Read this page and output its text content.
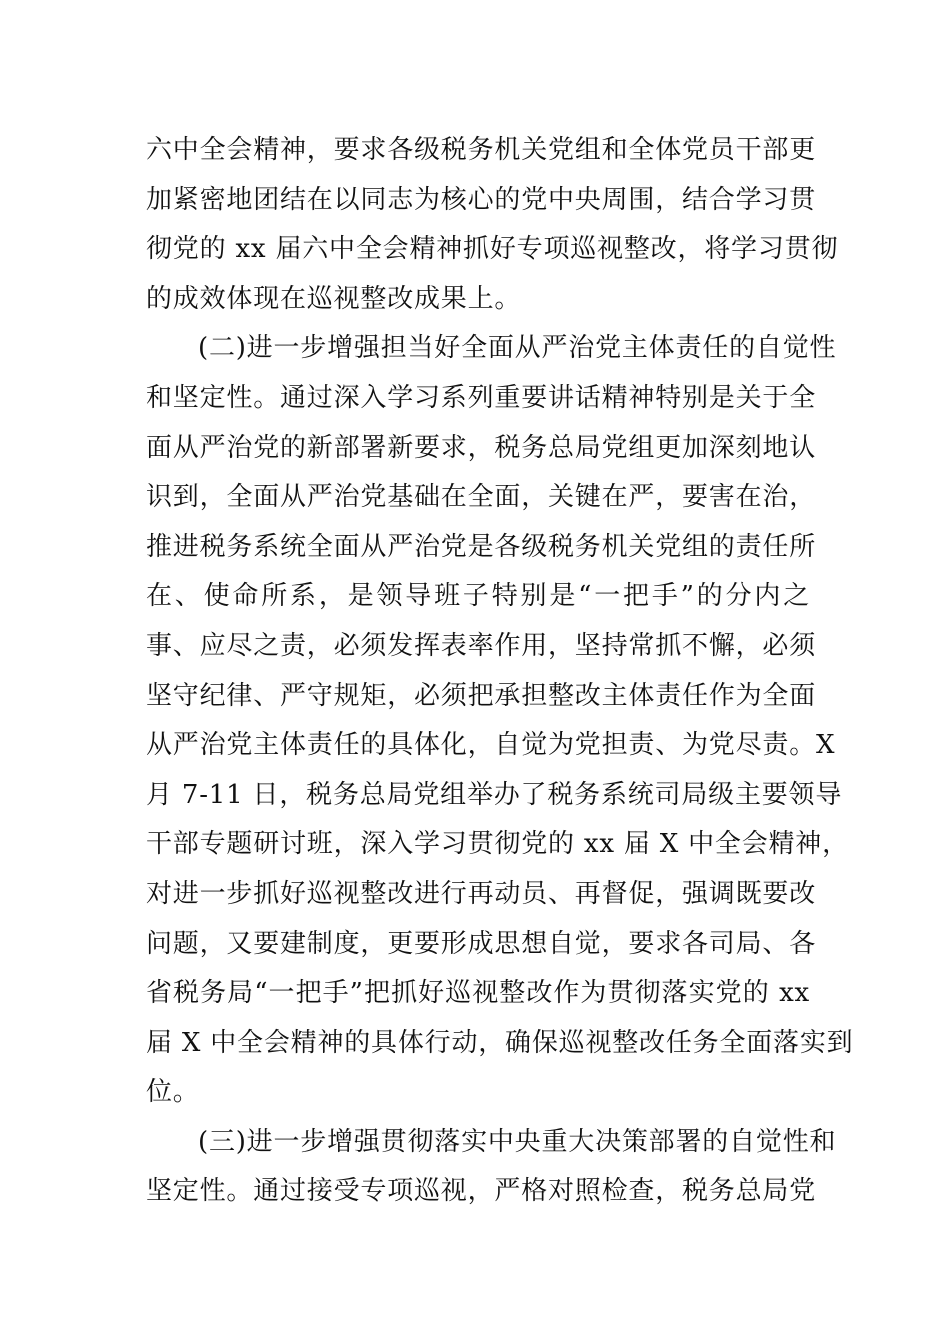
六中全会精神，要求各级税务机关党组和全体党员干部更
加紧密地团结在以同志为核心的党中央周围，结合学习贯
彻党的 xx 届六中全会精神抓好专项巡视整改，将学习贯彻
的成效体现在巡视整改成果上。
(二)进一步增强担当好全面从严治党主体责任的自觉性
和坚定性。通过深入学习系列重要讲话精神特别是关于全
面从严治党的新部署新要求，税务总局党组更加深刻地认
识到，全面从严治党基础在全面，关键在严，要害在治，
推进税务系统全面从严治党是各级税务机关党组的责任所
在、使命所系，是领导班子特别是“一把手”的分内之
事、应尽之责，必须发挥表率作用，坚持常抓不懈，必须
坚守纪律、严守规矩，必须把承担整改主体责任作为全面
从严治党主体责任的具体化，自觉为党担责、为党尽责。X
月 7-11 日，税务总局党组举办了税务系统司局级主要领导
干部专题研讨班，深入学习贯彻党的 xx 届 X 中全会精神，
对进一步抓好巡视整改进行再动员、再督促，强调既要改
问题，又要建制度，更要形成思想自觉，要求各司局、各
省税务局“一把手”把抓好巡视整改作为贯彻落实党的 xx
届 X 中全会精神的具体行动，确保巡视整改任务全面落实到
位。
(三)进一步增强贯彻落实中央重大决策部署的自觉性和
坚定性。通过接受专项巡视，严格对照检查，税务总局党
